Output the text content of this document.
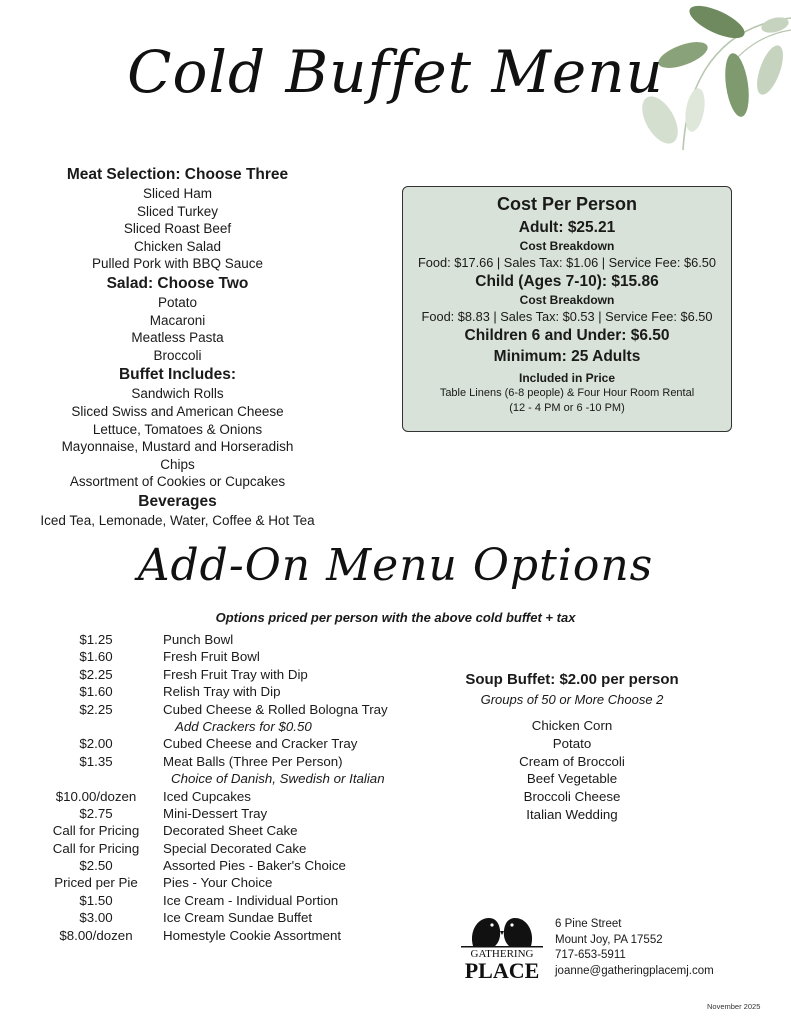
Cold Buffet Menu
Meat Selection: Choose Three
Sliced Ham
Sliced Turkey
Sliced Roast Beef
Chicken Salad
Pulled Pork with BBQ Sauce
Salad: Choose Two
Potato
Macaroni
Meatless Pasta
Broccoli
Buffet Includes:
Sandwich Rolls
Sliced Swiss and American Cheese
Lettuce, Tomatoes & Onions
Mayonnaise, Mustard and Horseradish
Chips
Assortment of Cookies or Cupcakes
Beverages
Iced Tea, Lemonade, Water, Coffee & Hot Tea
Cost Per Person
Adult: $25.21
Cost Breakdown
Food: $17.66 | Sales Tax: $1.06 | Service Fee: $6.50
Child (Ages 7-10): $15.86
Cost Breakdown
Food: $8.83 | Sales Tax: $0.53 | Service Fee: $6.50
Children 6 and Under: $6.50
Minimum: 25 Adults
Included in Price
Table Linens (6-8 people) & Four Hour Room Rental
(12 - 4 PM or 6 -10 PM)
Add-On Menu Options
Options priced per person with the above cold buffet + tax
$1.25	Punch Bowl
$1.60	Fresh Fruit Bowl
$2.25	Fresh Fruit Tray with Dip
$1.60	Relish Tray with Dip
$2.25	Cubed Cheese & Rolled Bologna Tray
Add Crackers for $0.50
$2.00	Cubed Cheese and Cracker Tray
$1.35	Meat Balls (Three Per Person)
Choice of Danish, Swedish or Italian
$10.00/dozen	Iced Cupcakes
$2.75	Mini-Dessert Tray
Call for Pricing	Decorated Sheet Cake
Call for Pricing	Special Decorated Cake
$2.50	Assorted Pies - Baker's Choice
Priced per Pie	Pies - Your Choice
$1.50	Ice Cream - Individual Portion
$3.00	Ice Cream Sundae Buffet
$8.00/dozen	Homestyle Cookie Assortment
Soup Buffet: $2.00 per person
Groups of 50 or More Choose 2
Chicken Corn
Potato
Cream of Broccoli
Beef Vegetable
Broccoli Cheese
Italian Wedding
GATHERING
PLACE
6 Pine Street
Mount Joy, PA 17552
717-653-5911
joanne@gatheringplacemj.com
November 2025
